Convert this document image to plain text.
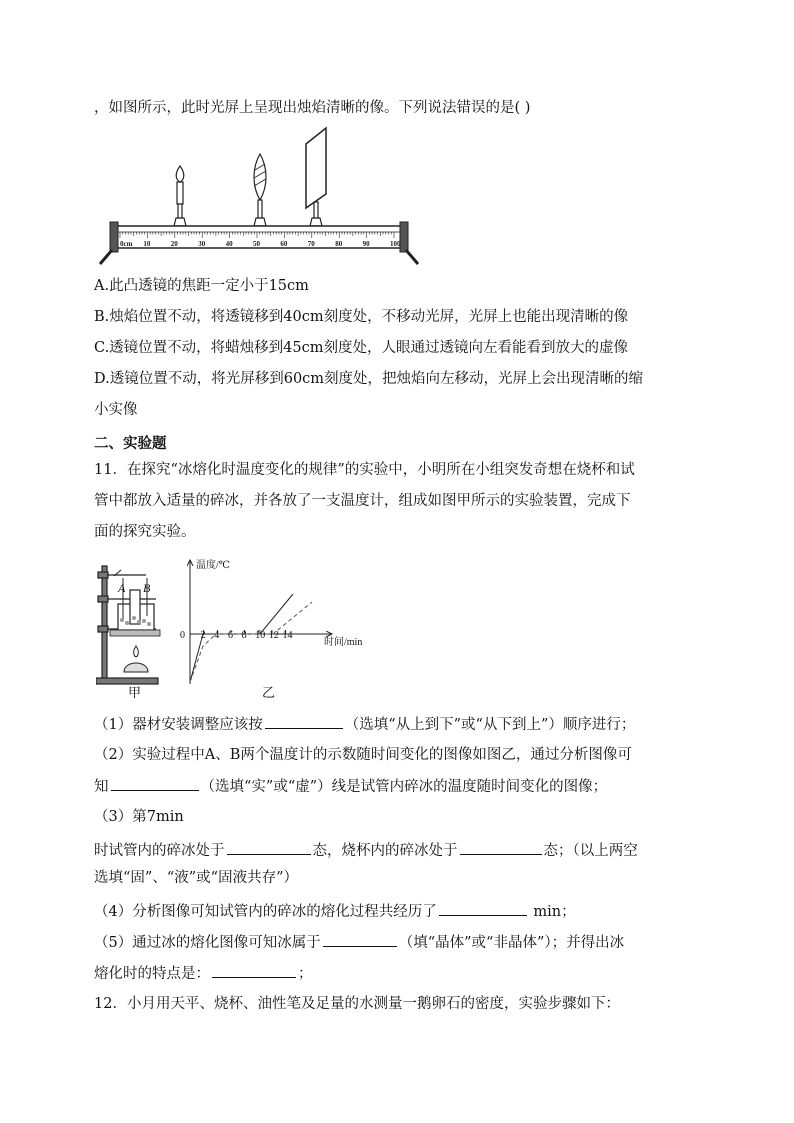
，如图所示，此时光屏上呈现出烛焰清晰的像。下列说法错误的是( )
0cm 10	20	30	40	50	60	70	80	90	100
A.此凸透镜的焦距一定小于15cm
B.烛焰位置不动，将透镜移到40cm刻度处，不移动光屏，光屏上也能出现清晰的像
C.透镜位置不动，将蜡烛移到45cm刻度处，人眼通过透镜向左看能看到放大的虚像
D.透镜位置不动，将光屏移到60cm刻度处，把烛焰向左移动，光屏上会出现清晰的缩
小实像
二、实验题
11．在探究“冰熔化时温度变化的规律”的实验中，小明所在小组突发奇想在烧杯和试
管中都放入适量的碎冰，并各放了一支温度计，组成如图甲所示的实验装置，完成下
面的探究实验。
A B
甲
温度/℃
时间/min
0 2 4 6 8 10 12 14
乙
（1）器材安装调整应该按	（选填“从上到下”或“从下到上”）顺序进行；
（2）实验过程中A、B两个温度计的示数随时间变化的图像如图乙，通过分析图像可
知	（选填“实”或“虚”）线是试管内碎冰的温度随时间变化的图像；
（3）第7min
时试管内的碎冰处于	态，烧杯内的碎冰处于	态；（以上两空
选填“固”、“液”或“固液共存”）
（4）分析图像可知试管内的碎冰的熔化过程共经历了	min；
（5）通过冰的熔化图像可知冰属于	（填“晶体”或“非晶体”）；并得出冰
熔化时的特点是：	；
12．小月用天平、烧杯、油性笔及足量的水测量一鹅卵石的密度，实验步骤如下：
